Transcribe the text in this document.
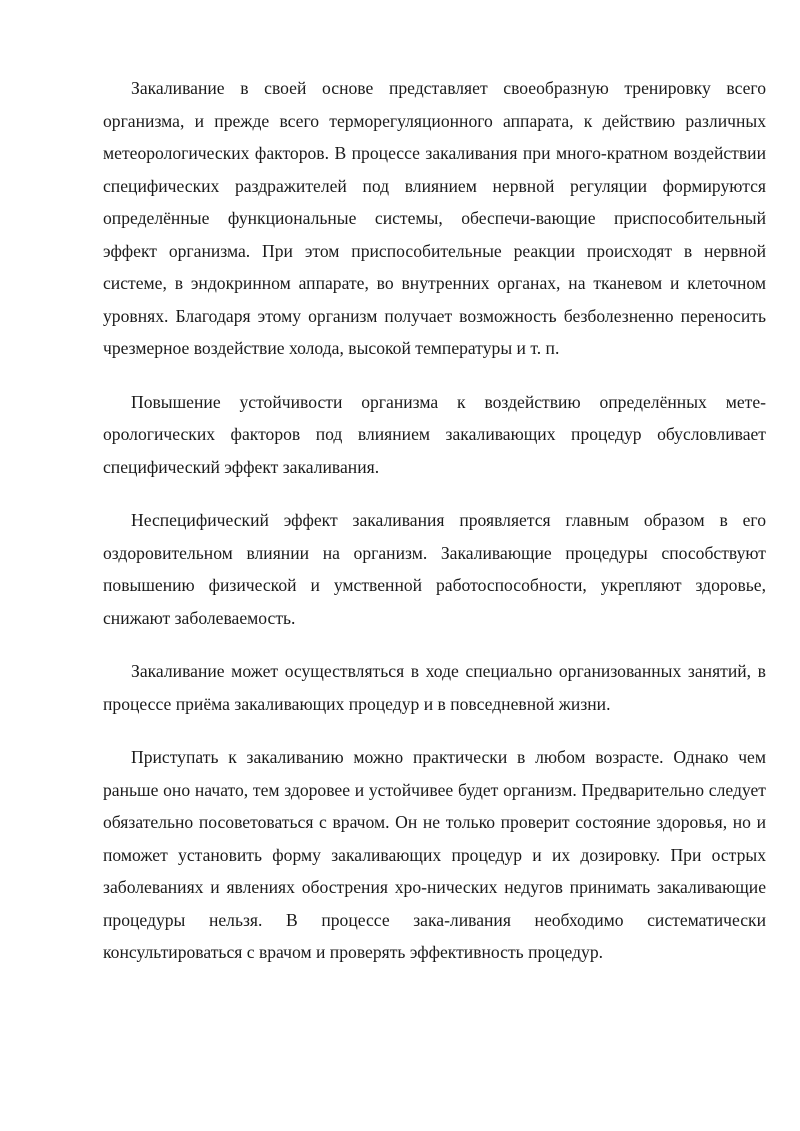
Закаливание в своей основе представляет своеобразную тренировку всего организма, и прежде всего терморегуляционного аппарата, к действию различных метеорологических факторов. В процессе закаливания при много-кратном воздействии специфических раздражителей под влиянием нервной регуляции формируются определённые функциональные системы, обеспечи-вающие приспособительный эффект организма. При этом приспособительные реакции происходят в нервной системе, в эндокринном аппарате, во внутренних органах, на тканевом и клеточном уровнях. Благодаря этому организм получает возможность безболезненно переносить чрезмерное воздействие холода, высокой температуры и т. п.

Повышение устойчивости организма к воздействию определённых мете-орологических факторов под влиянием закаливающих процедур обусловливает специфический эффект закаливания.

Неспецифический эффект закаливания проявляется главным образом в его оздоровительном влиянии на организм. Закаливающие процедуры способствуют повышению физической и умственной работоспособности, укрепляют здоровье, снижают заболеваемость.

Закаливание может осуществляться в ходе специально организованных занятий, в процессе приёма закаливающих процедур и в повседневной жизни.

Приступать к закаливанию можно практически в любом возрасте. Однако чем раньше оно начато, тем здоровее и устойчивее будет организм. Предварительно следует обязательно посоветоваться с врачом. Он не только проверит состояние здоровья, но и поможет установить форму закаливающих процедур и их дозировку. При острых заболеваниях и явлениях обострения хро-нических недугов принимать закаливающие процедуры нельзя. В процессе зака-ливания необходимо систематически консультироваться с врачом и проверять эффективность процедур.
